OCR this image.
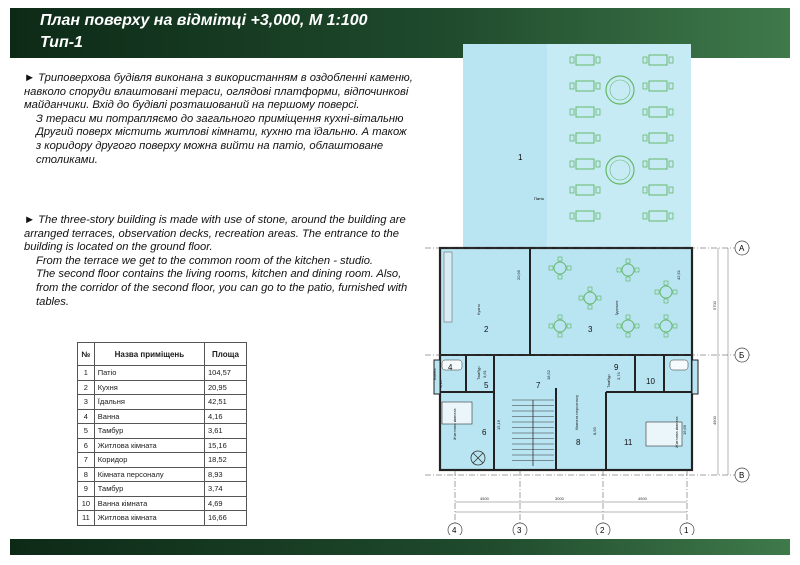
План поверху на відмітці +3,000, М 1:100
Тип-1

► Триповерхова будівля виконана з використанням в оздобленні каменю, навколо споруди влаштовані тераси, оглядові платформи, відпочинкові майданчики. Вхід до будівлі розташований на першому поверсі.

З тераси ми потрапляємо до загального приміщення кухні-вітальню

Другий поверх містить житлові кімнати, кухню та їдальню. А також з коридору другого поверху можна вийти на патіо, облаштоване столиками.

► The three-story building is made with use of stone, around the building are arranged terraces, observation decks, recreation areas. The entrance to the building is located on the ground floor.

From the terrace we get to the common room of the kitchen - studio.

The second floor contains the living rooms, kitchen and dining room. Also, from the corridor of the second floor, you can go to the patio, furnished with tables.

№	Назва приміщень	Площа
1	Патіо	104,57
2	Кухня	20,95
3	Їдальня	42,51
4	Ванна	4,16
5	Тамбур	3,61
6	Житлова кімната	15,16
7	Коридор	18,52
8	Кімната персоналу	8,93
9	Тамбур	3,74
10	Ванна кімната	4,69
11	Житлова кімната	16,66
1
Патіо
2	3
4
5
6
7
8
9
10
11
Кухня	Їдальня
Житлова кімната	Кімната персоналу
Житлова кімната
Тамбур
Тамбур
Ванна
20,95	42,51
4,16
3,61
15,16
18,52
8,93
3,74
16,66
А
Б
В
4	3	2	1
4500	3000	4500
5700
4900
